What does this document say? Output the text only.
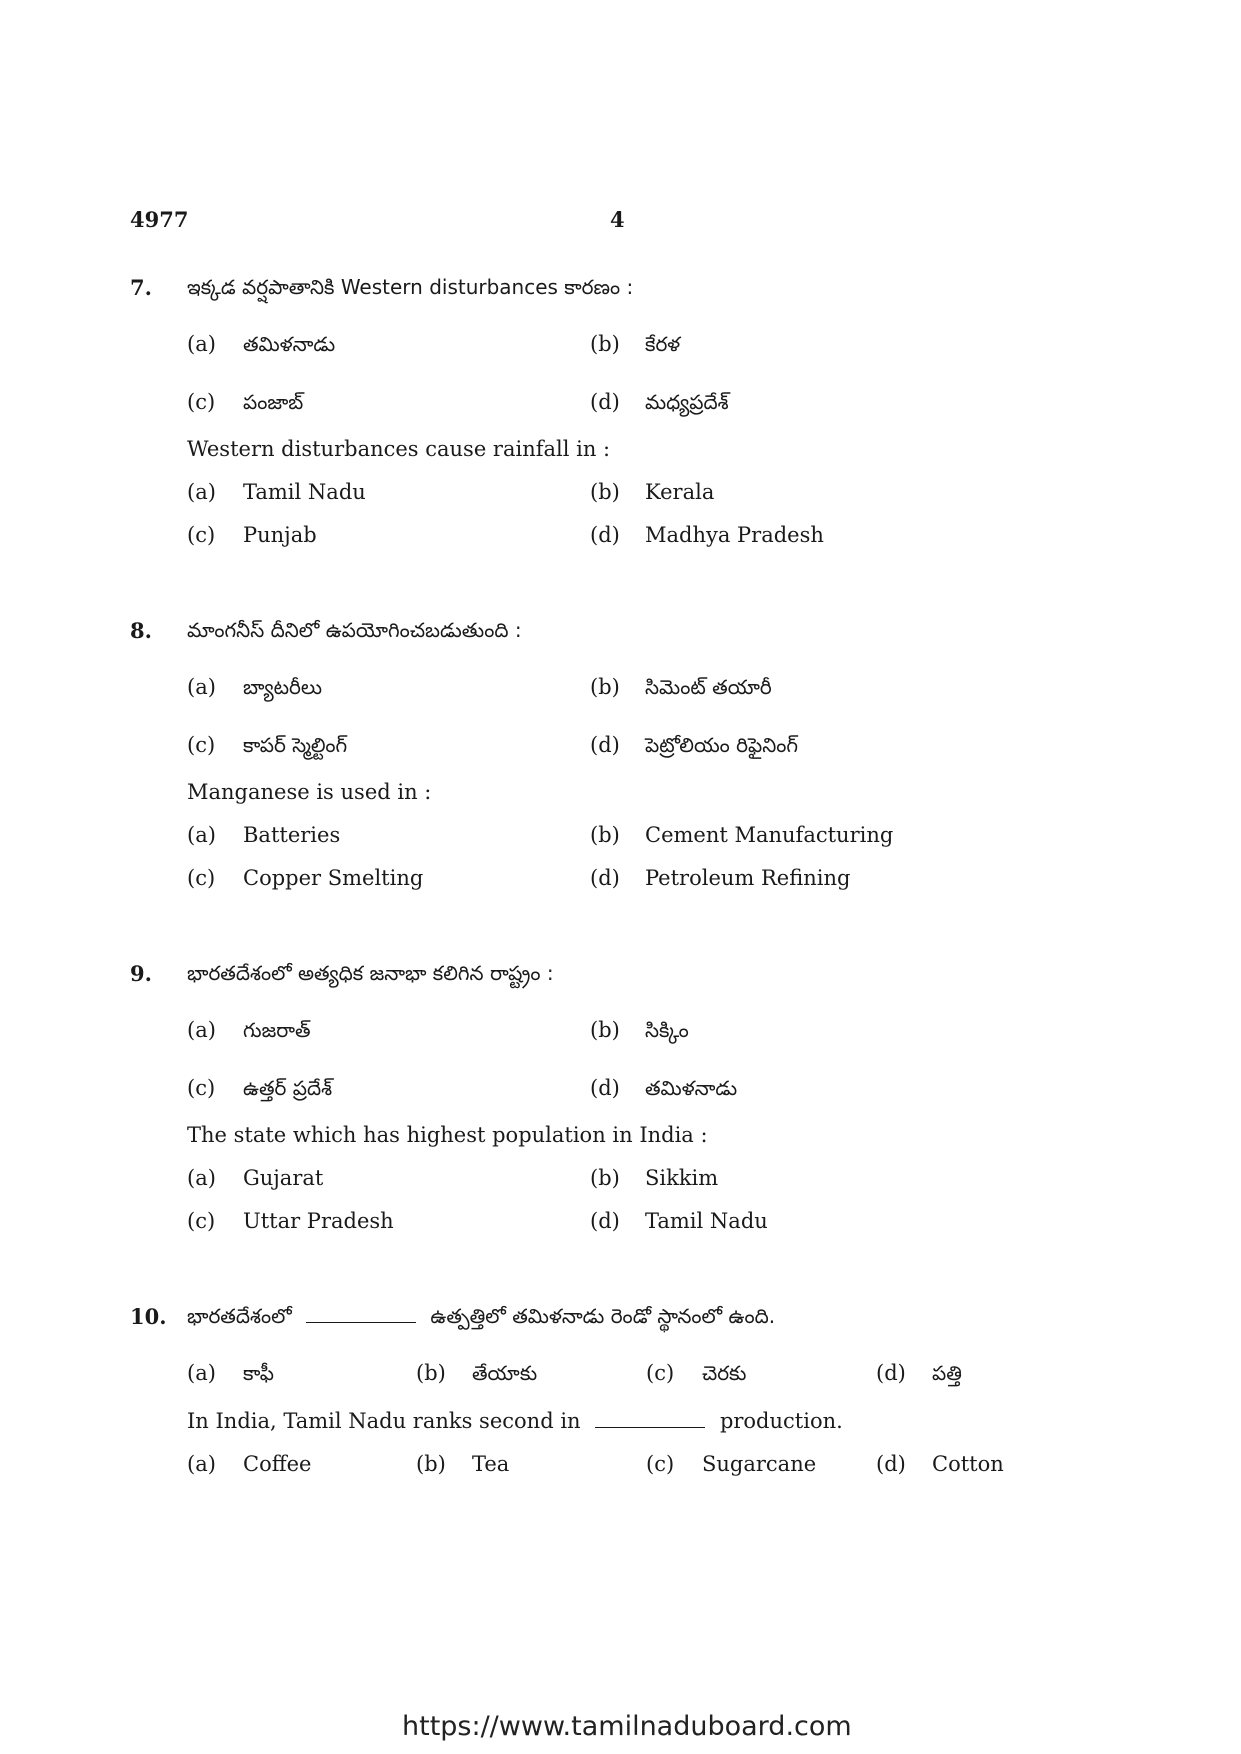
4977	4
7. ఇక్కడ వర్షపాతానికి Western disturbances కారణం :
(a) తమిళనాడు	(b) కేరళ
(c) పంజాబ్	(d) మధ్యప్రదేశ్
Western disturbances cause rainfall in :
(a) Tamil Nadu	(b) Kerala
(c) Punjab	(d) Madhya Pradesh
8. మాంగనీస్ దీనిలో ఉపయోగించబడుతుంది :
(a) బ్యాటరీలు	(b) సిమెంట్ తయారీ
(c) కాపర్ స్మెల్టింగ్	(d) పెట్రోలియం రిఫైనింగ్
Manganese is used in :
(a) Batteries	(b) Cement Manufacturing
(c) Copper Smelting	(d) Petroleum Refining
9. భారతదేశంలో అత్యధిక జనాభా కలిగిన రాష్ట్రం :
(a) గుజరాత్	(b) సిక్కిం
(c) ఉత్తర్ ప్రదేశ్	(d) తమిళనాడు
The state which has highest population in India :
(a) Gujarat	(b) Sikkim
(c) Uttar Pradesh	(d) Tamil Nadu
10. భారతదేశంలో	ఉత్పత్తిలో తమిళనాడు రెండో స్థానంలో ఉంది.
(a) కాఫీ	(b) తేయాకు	(c) చెరకు	(d) పత్తి
In India, Tamil Nadu ranks second in	production.
(a) Coffee	(b) Tea	(c) Sugarcane	(d) Cotton
https://www.tamilnaduboard.com
